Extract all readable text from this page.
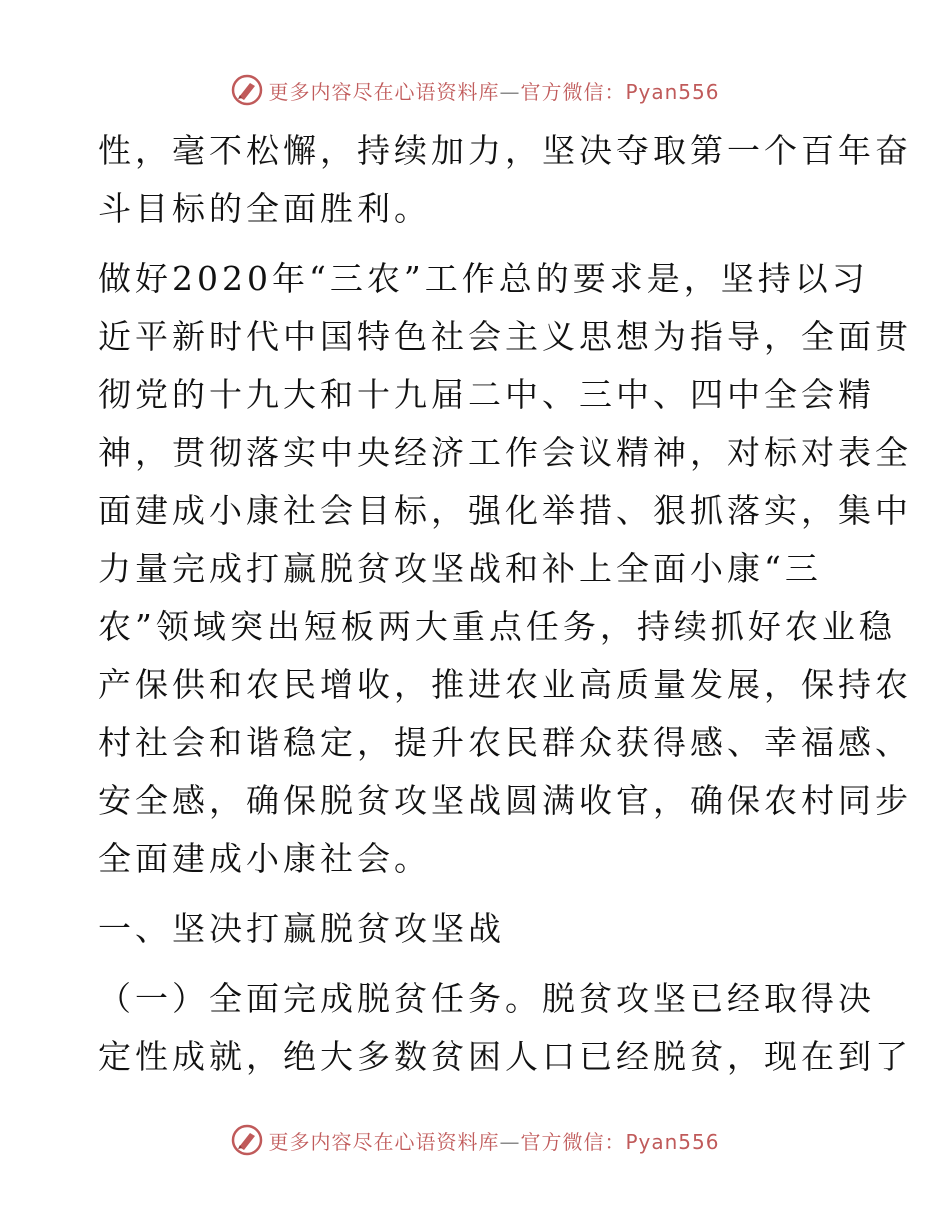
更多内容尽在心语资料库—官方微信：Pyan556

性，毫不松懈，持续加力，坚决夺取第一个百年奋
斗目标的全面胜利。

做好2020年“三农”工作总的要求是，坚持以习
近平新时代中国特色社会主义思想为指导，全面贯
彻党的十九大和十九届二中、三中、四中全会精
神，贯彻落实中央经济工作会议精神，对标对表全
面建成小康社会目标，强化举措、狠抓落实，集中
力量完成打赢脱贫攻坚战和补上全面小康“三
农”领域突出短板两大重点任务，持续抓好农业稳
产保供和农民增收，推进农业高质量发展，保持农
村社会和谐稳定，提升农民群众获得感、幸福感、
安全感，确保脱贫攻坚战圆满收官，确保农村同步
全面建成小康社会。

一、坚决打赢脱贫攻坚战

（一）全面完成脱贫任务。脱贫攻坚已经取得决
定性成就，绝大多数贫困人口已经脱贫，现在到了

更多内容尽在心语资料库—官方微信：Pyan556
